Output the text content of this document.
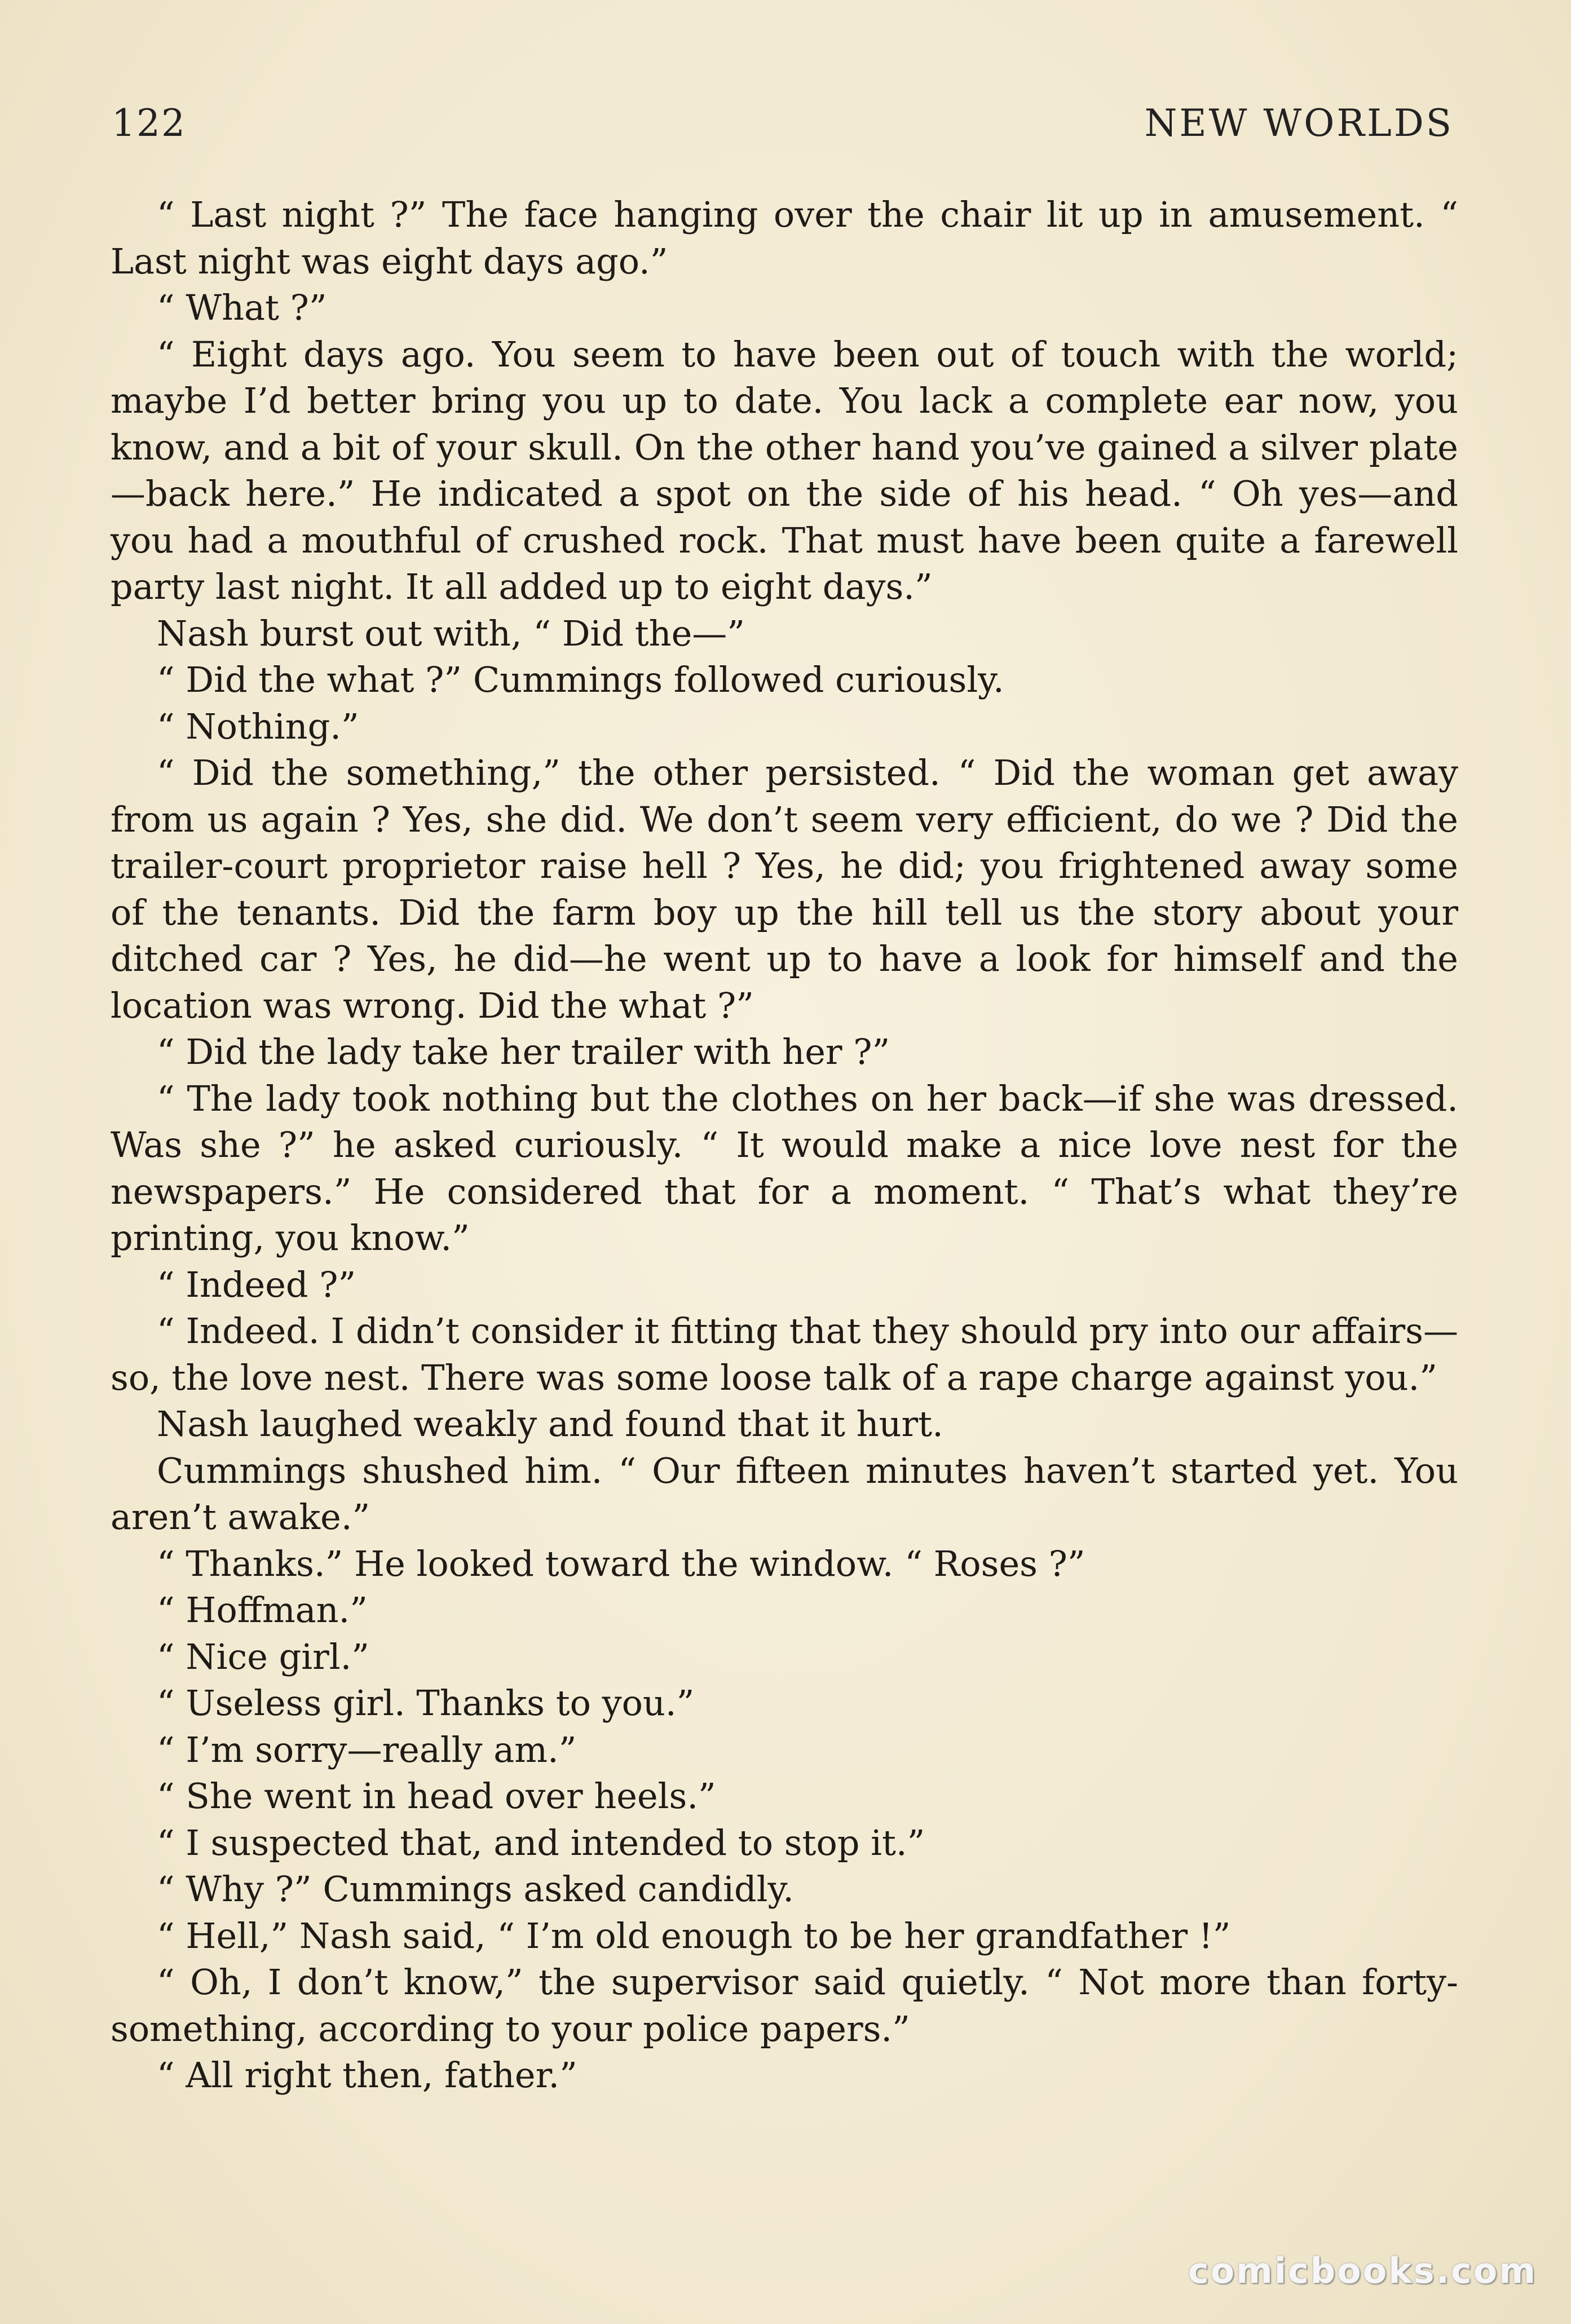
122	NEW WORLDS

“ Last night ?” The face hanging over the chair lit up in amusement. “ Last night was eight days ago.”

“ What ?”

“ Eight days ago. You seem to have been out of touch with the world; maybe I’d better bring you up to date. You lack a complete ear now, you know, and a bit of your skull. On the other hand you’ve gained a silver plate—back here.” He indicated a spot on the side of his head. “ Oh yes—and you had a mouthful of crushed rock. That must have been quite a farewell party last night. It all added up to eight days.”

Nash burst out with, “ Did the—”

“ Did the what ?” Cummings followed curiously.

“ Nothing.”

“ Did the something,” the other persisted. “ Did the woman get away from us again ? Yes, she did. We don’t seem very efficient, do we ? Did the trailer-court proprietor raise hell ? Yes, he did; you frightened away some of the tenants. Did the farm boy up the hill tell us the story about your ditched car ? Yes, he did—he went up to have a look for himself and the location was wrong. Did the what ?”

“ Did the lady take her trailer with her ?”

“ The lady took nothing but the clothes on her back—if she was dressed. Was she ?” he asked curiously. “ It would make a nice love nest for the newspapers.” He considered that for a moment. “ That’s what they’re printing, you know.”

“ Indeed ?”

“ Indeed. I didn’t consider it fitting that they should pry into our affairs—so, the love nest. There was some loose talk of a rape charge against you.”

Nash laughed weakly and found that it hurt.

Cummings shushed him. “ Our fifteen minutes haven’t started yet. You aren’t awake.”

“ Thanks.” He looked toward the window. “ Roses ?”

“ Hoffman.”

“ Nice girl.”

“ Useless girl. Thanks to you.”

“ I’m sorry—really am.”

“ She went in head over heels.”

“ I suspected that, and intended to stop it.”

“ Why ?” Cummings asked candidly.

“ Hell,” Nash said, “ I’m old enough to be her grandfather !”

“ Oh, I don’t know,” the supervisor said quietly. “ Not more than forty-something, according to your police papers.”

“ All right then, father.”

comicbooks.com
